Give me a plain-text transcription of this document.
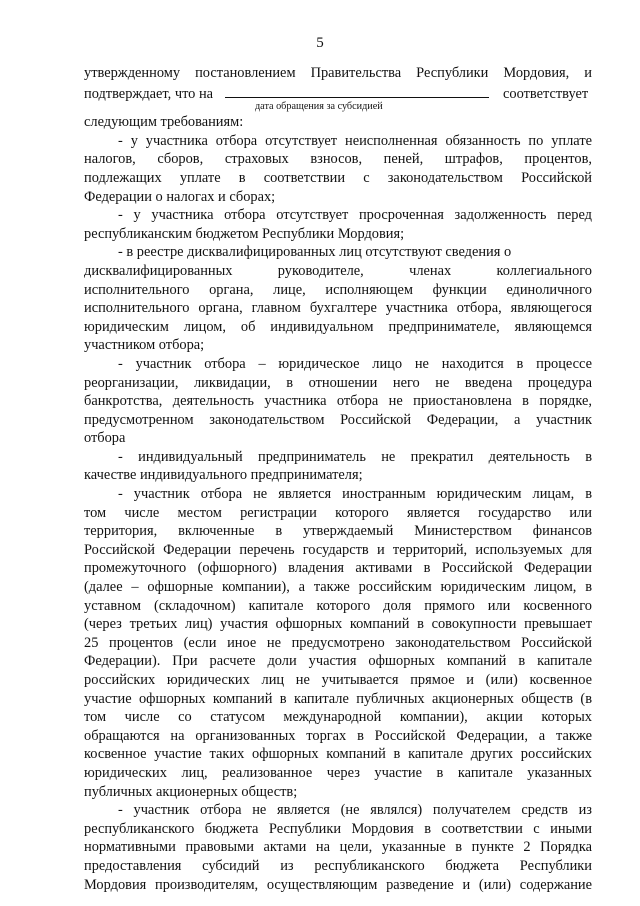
5
утвержденному постановлением Правительства Республики Мордовия, и
подтверждает, что на	соответствует
дата обращения за субсидией
следующим требованиям:
- у участника отбора отсутствует неисполненная обязанность по уплате
налогов, сборов, страховых взносов, пеней, штрафов, процентов,
подлежащих уплате в соответствии с законодательством Российской
Федерации о налогах и сборах;
- у участника отбора отсутствует просроченная задолженность перед
республиканским бюджетом Республики Мордовия;
- в реестре дисквалифицированных лиц отсутствуют сведения о
дисквалифицированных руководителе, членах коллегиального
исполнительного органа, лице, исполняющем функции единоличного
исполнительного органа, главном бухгалтере участника отбора, являющегося
юридическим лицом, об индивидуальном предпринимателе, являющемся
участником отбора;
- участник отбора – юридическое лицо не находится в процессе
реорганизации, ликвидации, в отношении него не введена процедура
банкротства, деятельность участника отбора не приостановлена в порядке,
предусмотренном законодательством Российской Федерации, а участник
отбора
- индивидуальный предприниматель не прекратил деятельность в
качестве индивидуального предпринимателя;
- участник отбора не является иностранным юридическим лицам, в
том числе местом регистрации которого является государство или
территория, включенные в утверждаемый Министерством финансов
Российской Федерации перечень государств и территорий, используемых для
промежуточного (офшорного) владения активами в Российской Федерации
(далее – офшорные компании), а также российским юридическим лицом, в
уставном (складочном) капитале которого доля прямого или косвенного
(через третьих лиц) участия офшорных компаний в совокупности превышает
25 процентов (если иное не предусмотрено законодательством Российской
Федерации). При расчете доли участия офшорных компаний в капитале
российских юридических лиц не учитывается прямое и (или) косвенное
участие офшорных компаний в капитале публичных акционерных обществ (в
том числе со статусом международной компании), акции которых
обращаются на организованных торгах в Российской Федерации, а также
косвенное участие таких офшорных компаний в капитале других российских
юридических лиц, реализованное через участие в капитале указанных
публичных акционерных обществ;
- участник отбора не является (не являлся) получателем средств из
республиканского бюджета Республики Мордовия в соответствии с иными
нормативными правовыми актами на цели, указанные в пункте 2 Порядка
предоставления субсидий из республиканского бюджета Республики
Мордовия производителям, осуществляющим разведение и (или) содержание
